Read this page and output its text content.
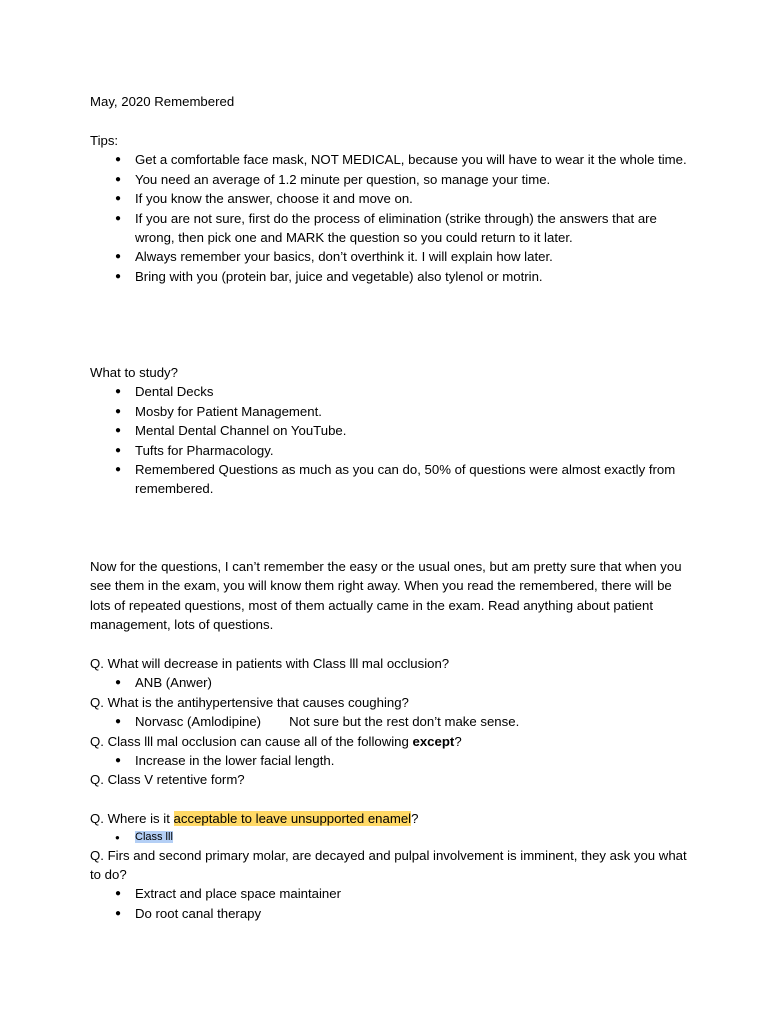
May, 2020 Remembered

Tips:

● Get a comfortable face mask, NOT MEDICAL, because you will have to wear it the whole time.
● You need an average of 1.2 minute per question, so manage your time.
● If you know the answer, choose it and move on.
● If you are not sure, first do the process of elimination (strike through) the answers that are wrong, then pick one and MARK the question so you could return to it later.
● Always remember your basics, don’t overthink it. I will explain how later.
● Bring with you (protein bar, juice and vegetable) also tylenol or motrin.

What to study?

● Dental Decks
● Mosby for Patient Management.
● Mental Dental Channel on YouTube.
● Tufts for Pharmacology.
● Remembered Questions as much as you can do, 50% of questions were almost exactly from remembered.

Now for the questions, I can’t remember the easy or the usual ones, but am pretty sure that when you see them in the exam, you will know them right away. When you read the remembered, there will be lots of repeated questions, most of them actually came in the exam. Read anything about patient management, lots of questions.

Q. What will decrease in patients with Class lll mal occlusion?

● ANB (Anwer)

Q. What is the antihypertensive that causes coughing?

● Norvasc (Amlodipine) Not sure but the rest don’t make sense.

Q. Class lll mal occlusion can cause all of the following except?

● Increase in the lower facial length.

Q. Class V retentive form?

Q. Where is it acceptable to leave unsupported enamel?

● Class lll

Q. Firs and second primary molar, are decayed and pulpal involvement is imminent, they ask you what to do?

● Extract and place space maintainer
● Do root canal therapy
